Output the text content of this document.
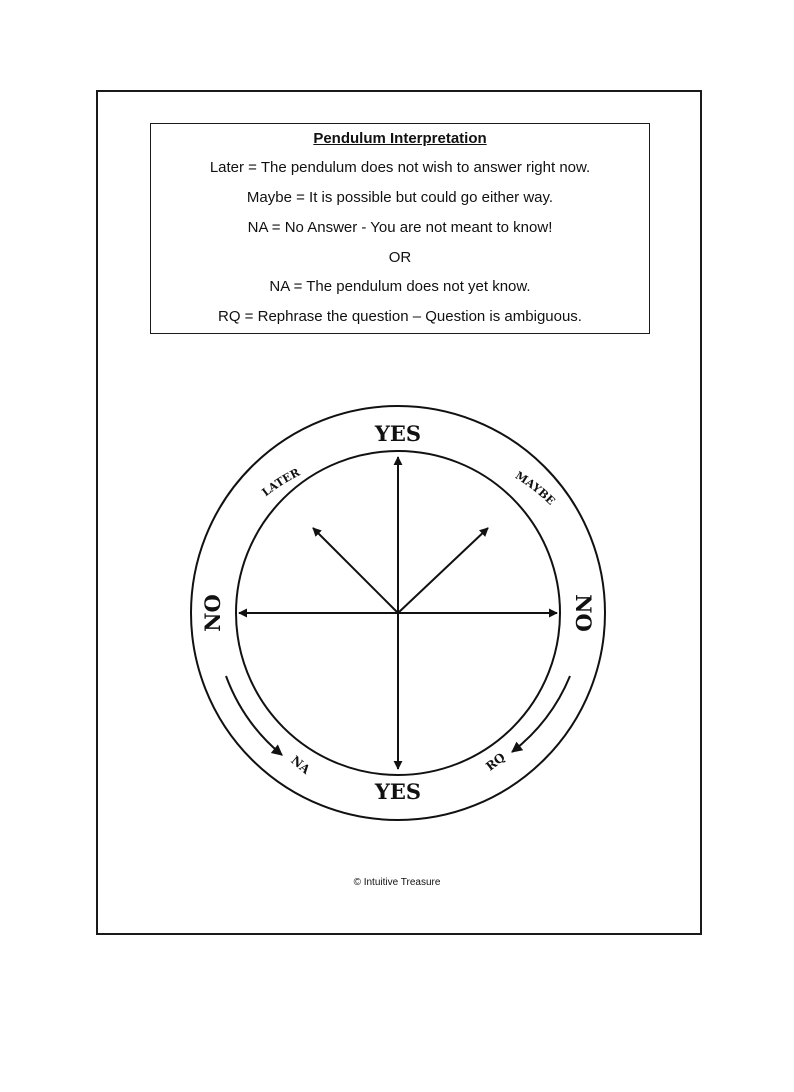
Pendulum Interpretation

Later = The pendulum does not wish to answer right now.

Maybe = It is possible but could go either way.

NA = No Answer - You are not meant to know!

OR

NA = The pendulum does not yet know.

RQ = Rephrase the question – Question is ambiguous.

YES
YES
NO	NO
LATER	MAYBE
NA	RQ

© Intuitive Treasure
